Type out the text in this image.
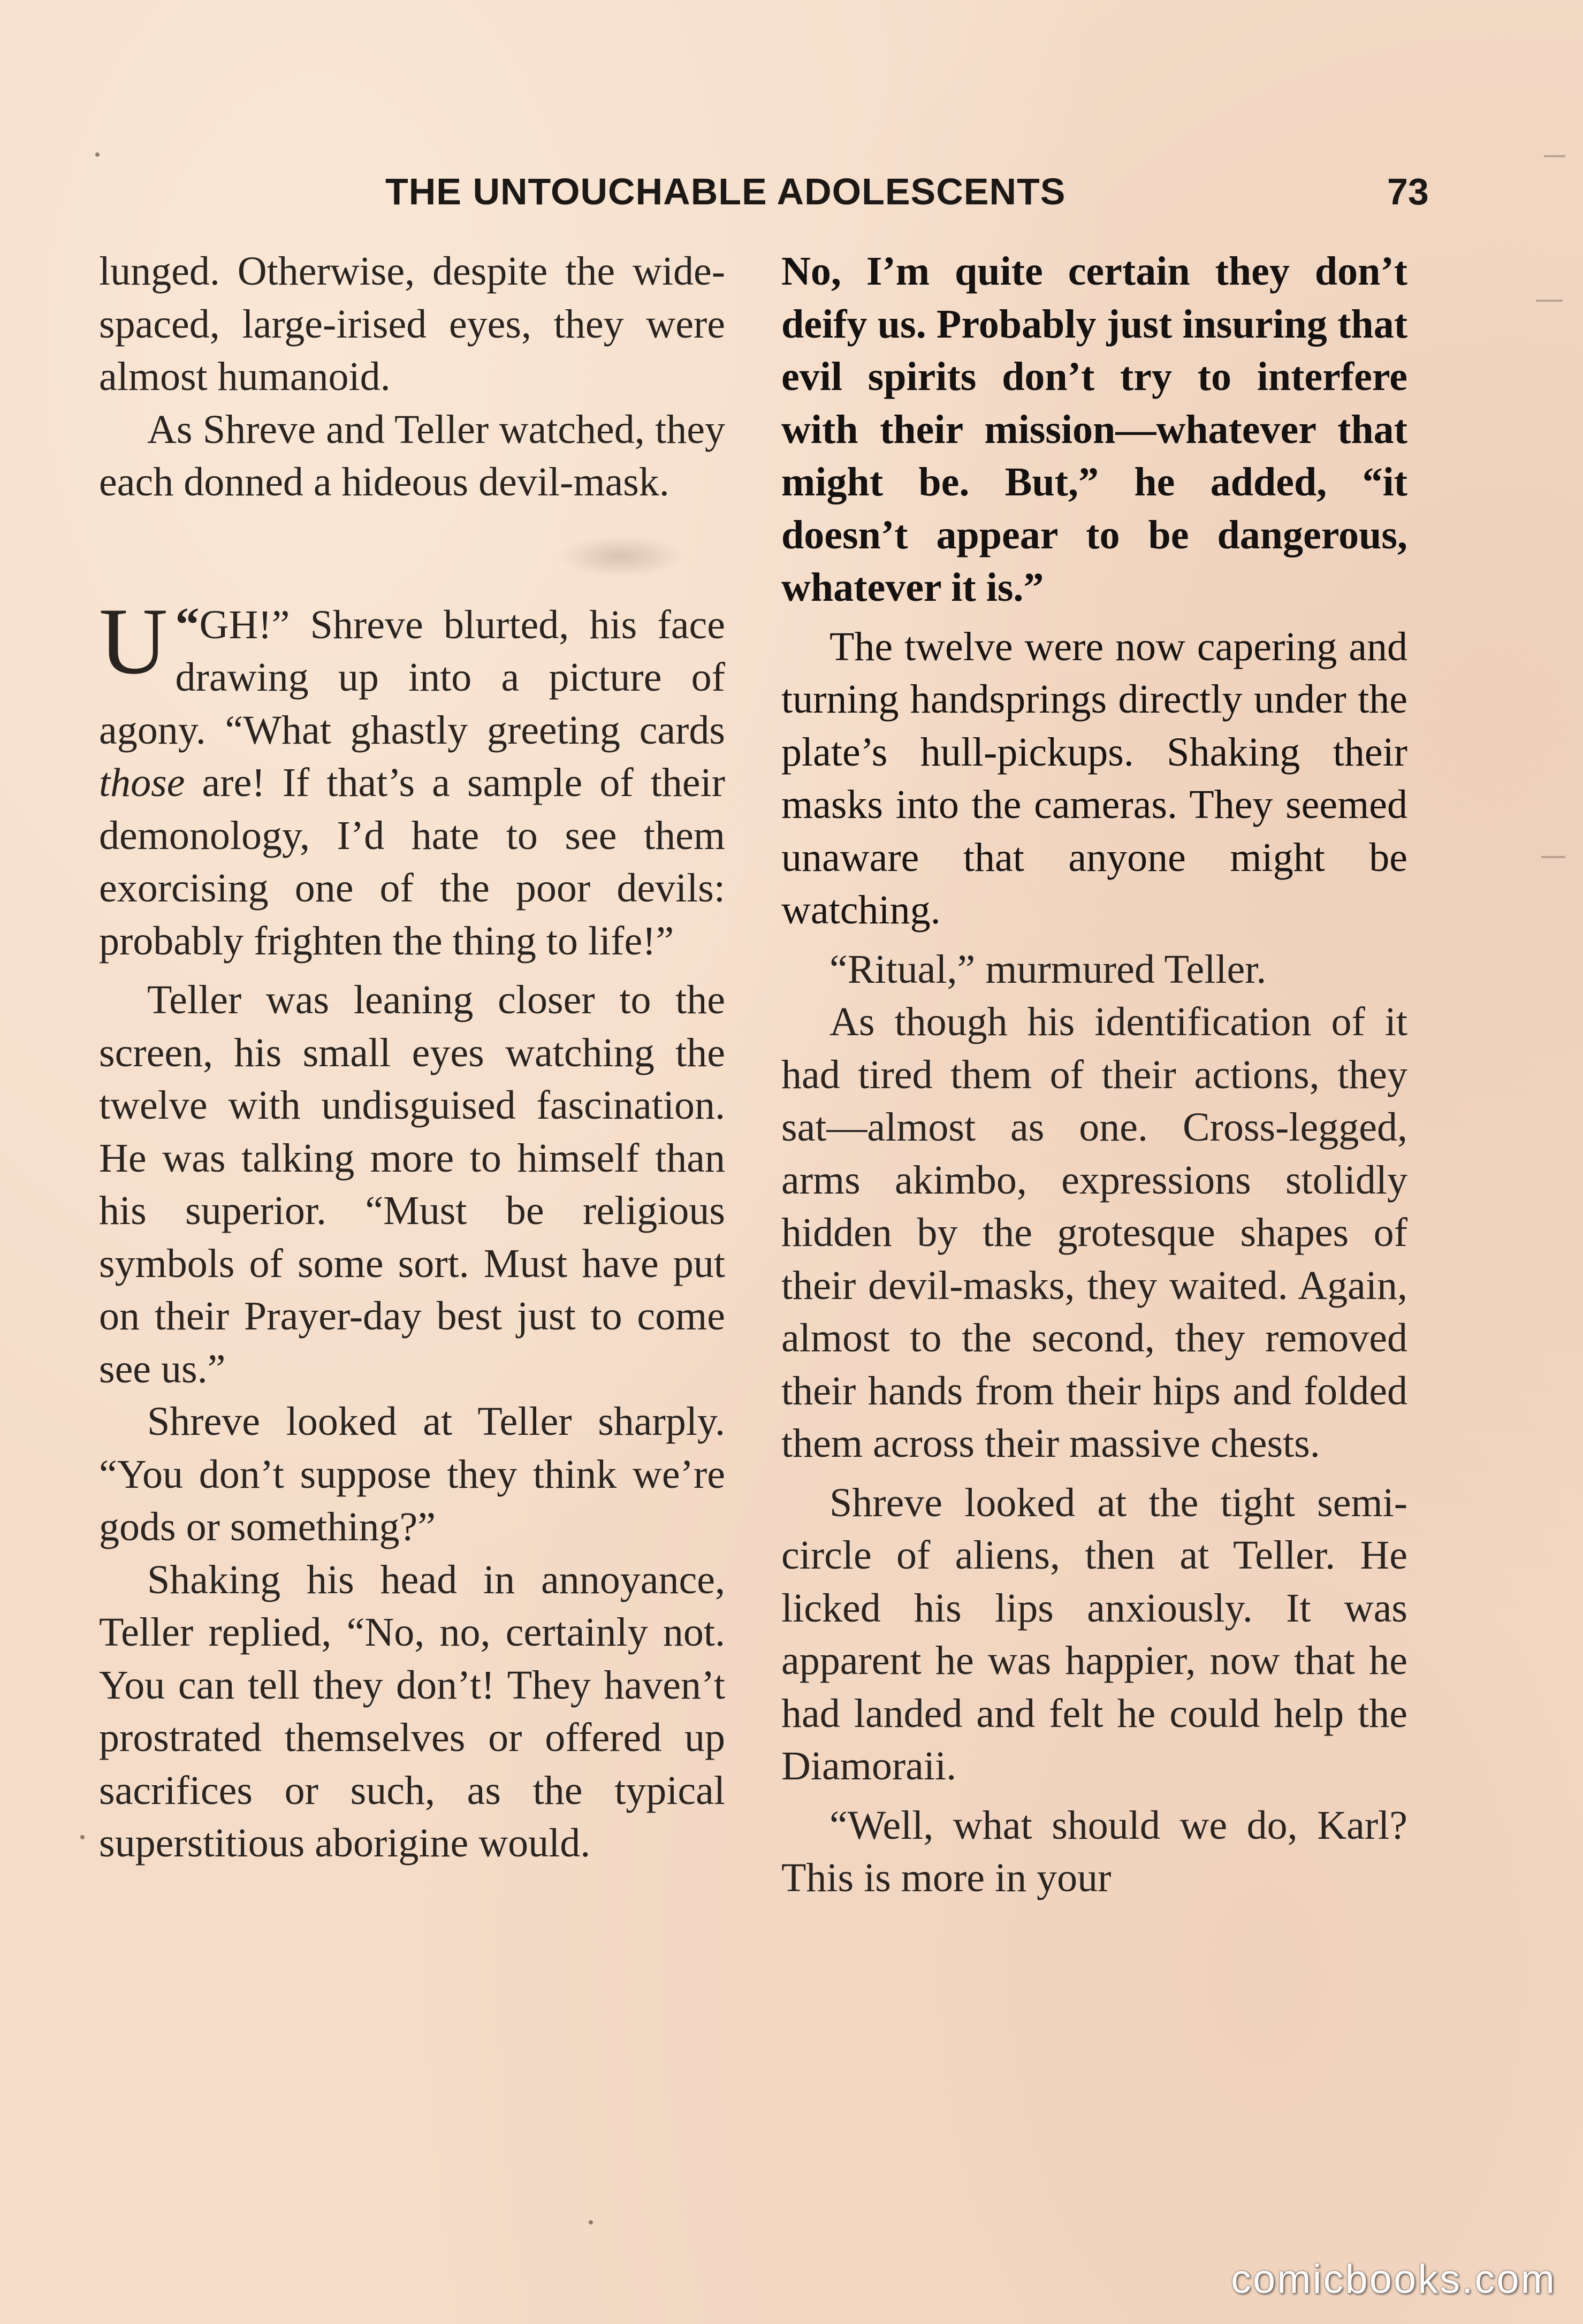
THE UNTOUCHABLE ADOLESCENTS	73

lunged. Otherwise, despite the wide-spaced, large-irised eyes, they were almost humanoid.

As Shreve and Teller watched, they each donned a hideous devil-mask.

“
U GH!” Shreve blurted, his face drawing up into a picture of agony. “What ghastly greeting cards those are! If that’s a sample of their demonology, I’d hate to see them exorcising one of the poor devils: probably frighten the thing to life!”

Teller was leaning closer to the screen, his small eyes watching the twelve with undisguised fascination. He was talking more to himself than his superior. “Must be religious symbols of some sort. Must have put on their Prayer-day best just to come see us.”

Shreve looked at Teller sharply. “You don’t suppose they think we’re gods or something?”

Shaking his head in annoyance, Teller replied, “No, no, certainly not. You can tell they don’t! They haven’t prostrated themselves or offered up sacrifices or such, as the typical superstitious aborigine would.

No, I’m quite certain they don’t deify us. Probably just insuring that evil spirits don’t try to interfere with their mission—whatever that might be. But,” he added, “it doesn’t appear to be dangerous, whatever it is.”

The twelve were now capering and turning handsprings directly under the plate’s hull-pickups. Shaking their masks into the cameras. They seemed unaware that anyone might be watching.

“Ritual,” murmured Teller.

As though his identification of it had tired them of their actions, they sat—almost as one. Cross-legged, arms akimbo, expressions stolidly hidden by the grotesque shapes of their devil-masks, they waited. Again, almost to the second, they removed their hands from their hips and folded them across their massive chests.

Shreve looked at the tight semi-circle of aliens, then at Teller. He licked his lips anxiously. It was apparent he was happier, now that he had landed and felt he could help the Diamoraii.

“Well, what should we do, Karl? This is more in your

comicbooks.com
